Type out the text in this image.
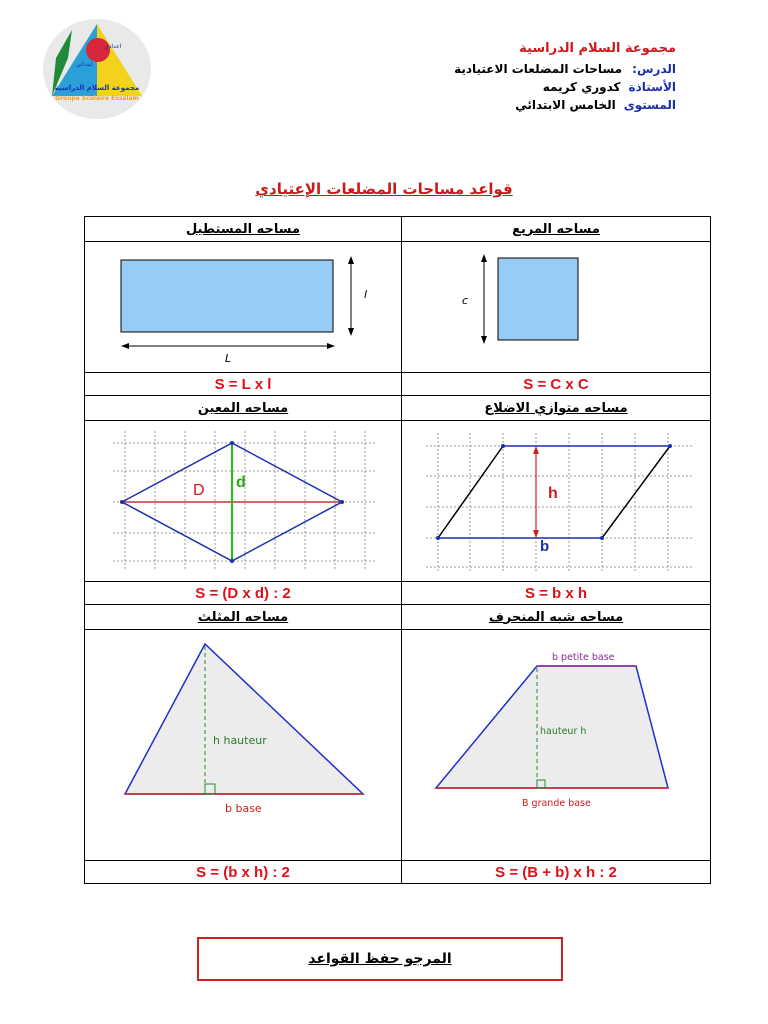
ابتدائي
اعدادي
مجموعة السلام الدراسية
Groupe Scolaire Essalam
مجموعة السلام الدراسية
الدرس:مساحات المضلعات الاعتيادية
الأستاذةكدوري كريمه
المستوىالخامس الابتدائي
قواعد مساحات المضلعات الإعتيادي
مساحه المستطيل	مساحه المربع

L
l	c

S = L x l	S = C x C
مساحه المعين	مساحه متوازي الاضلاع

D d	h
b

S = (D x d) : 2	S = b x h
مساحه المثلث	مساحه شبه المنحرف

h hauteur
b base	b petite base
hauteur h
B grande base

S = (b x h) : 2	S = (B + b) x h : 2
المرجو حفظ القواعد
